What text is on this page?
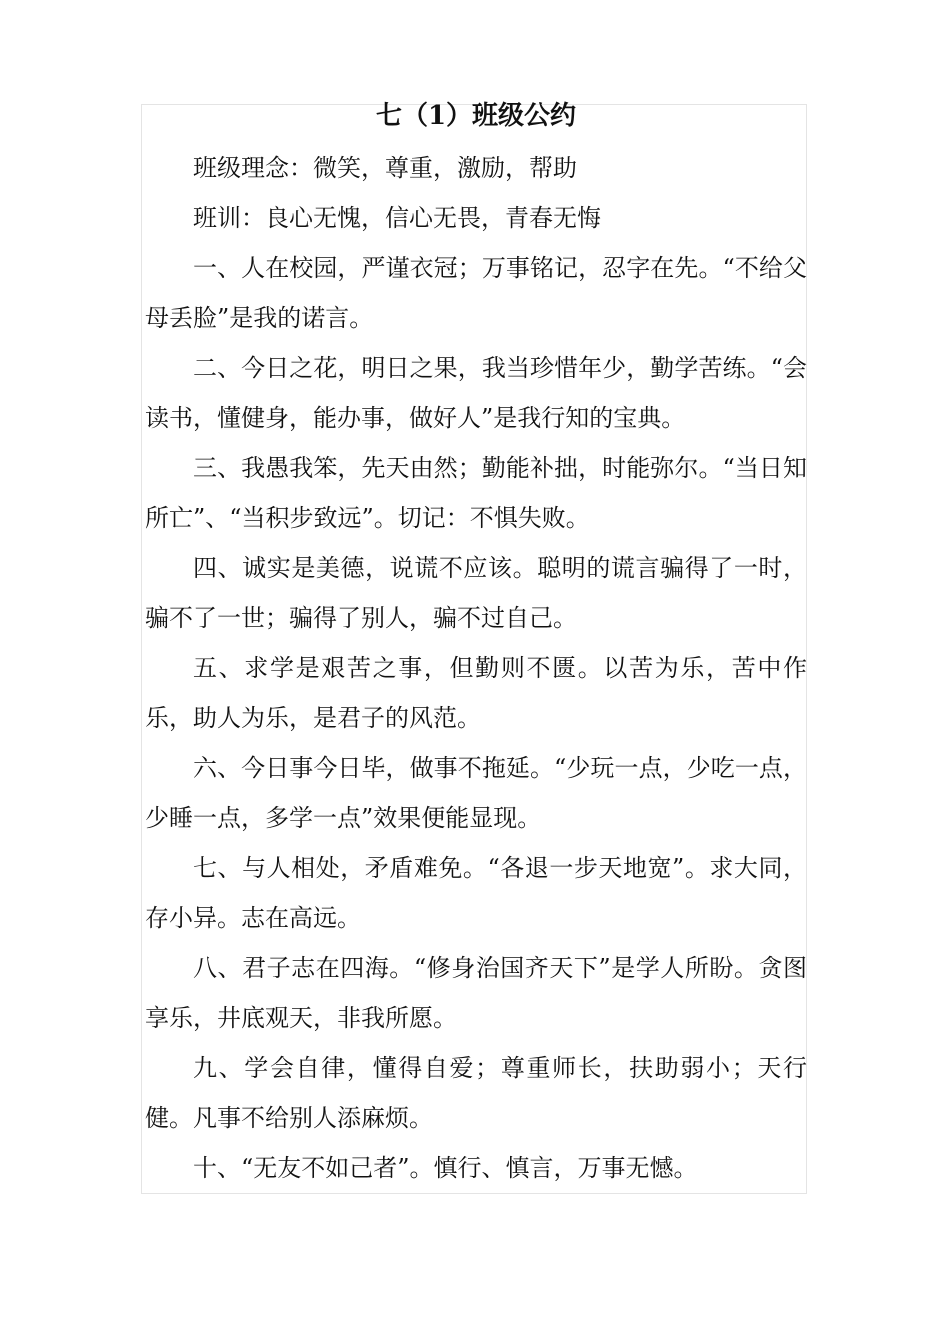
七（1）班级公约

班级理念：微笑，尊重，激励，帮助

班训：良心无愧，信心无畏，青春无悔

一、人在校园，严谨衣冠；万事铭记，忍字在先。“不给父母丢脸”是我的诺言。

二、今日之花，明日之果，我当珍惜年少，勤学苦练。“会读书，懂健身，能办事，做好人”是我行知的宝典。

三、我愚我笨，先天由然；勤能补拙，时能弥尔。“当日知所亡”、“当积步致远”。切记：不惧失败。

四、诚实是美德，说谎不应该。聪明的谎言骗得了一时，骗不了一世；骗得了别人，骗不过自己。

五、求学是艰苦之事，但勤则不匮。以苦为乐，苦中作乐，助人为乐，是君子的风范。

六、今日事今日毕，做事不拖延。“少玩一点，少吃一点，少睡一点，多学一点”效果便能显现。

七、与人相处，矛盾难免。“各退一步天地宽”。求大同，存小异。志在高远。

八、君子志在四海。“修身治国齐天下”是学人所盼。贪图享乐，井底观天，非我所愿。

九、学会自律，懂得自爱；尊重师长，扶助弱小；天行健。凡事不给别人添麻烦。

十、“无友不如己者”。慎行、慎言，万事无憾。
